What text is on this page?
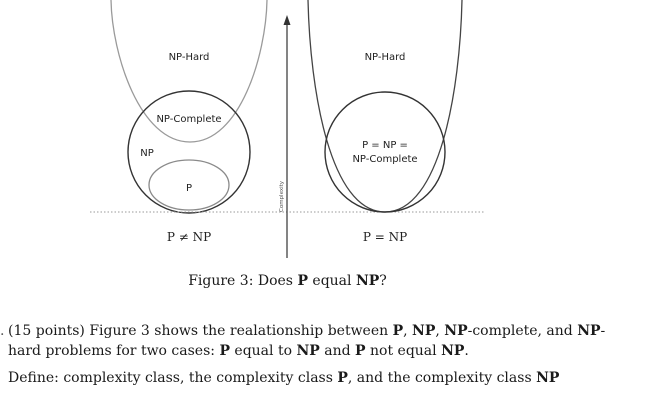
Complexity
NP-Hard
NP-Complete
NP
P
P ≠ NP
NP-Hard
P = NP =
NP-Complete
P = NP
Figure 3: Does P equal NP?
. (15 points) Figure 3 shows the realationship between P, NP, NP-complete, and NP-
hard problems for two cases: P equal to NP and P not equal NP.
Define: complexity class, the complexity class P, and the complexity class NP
